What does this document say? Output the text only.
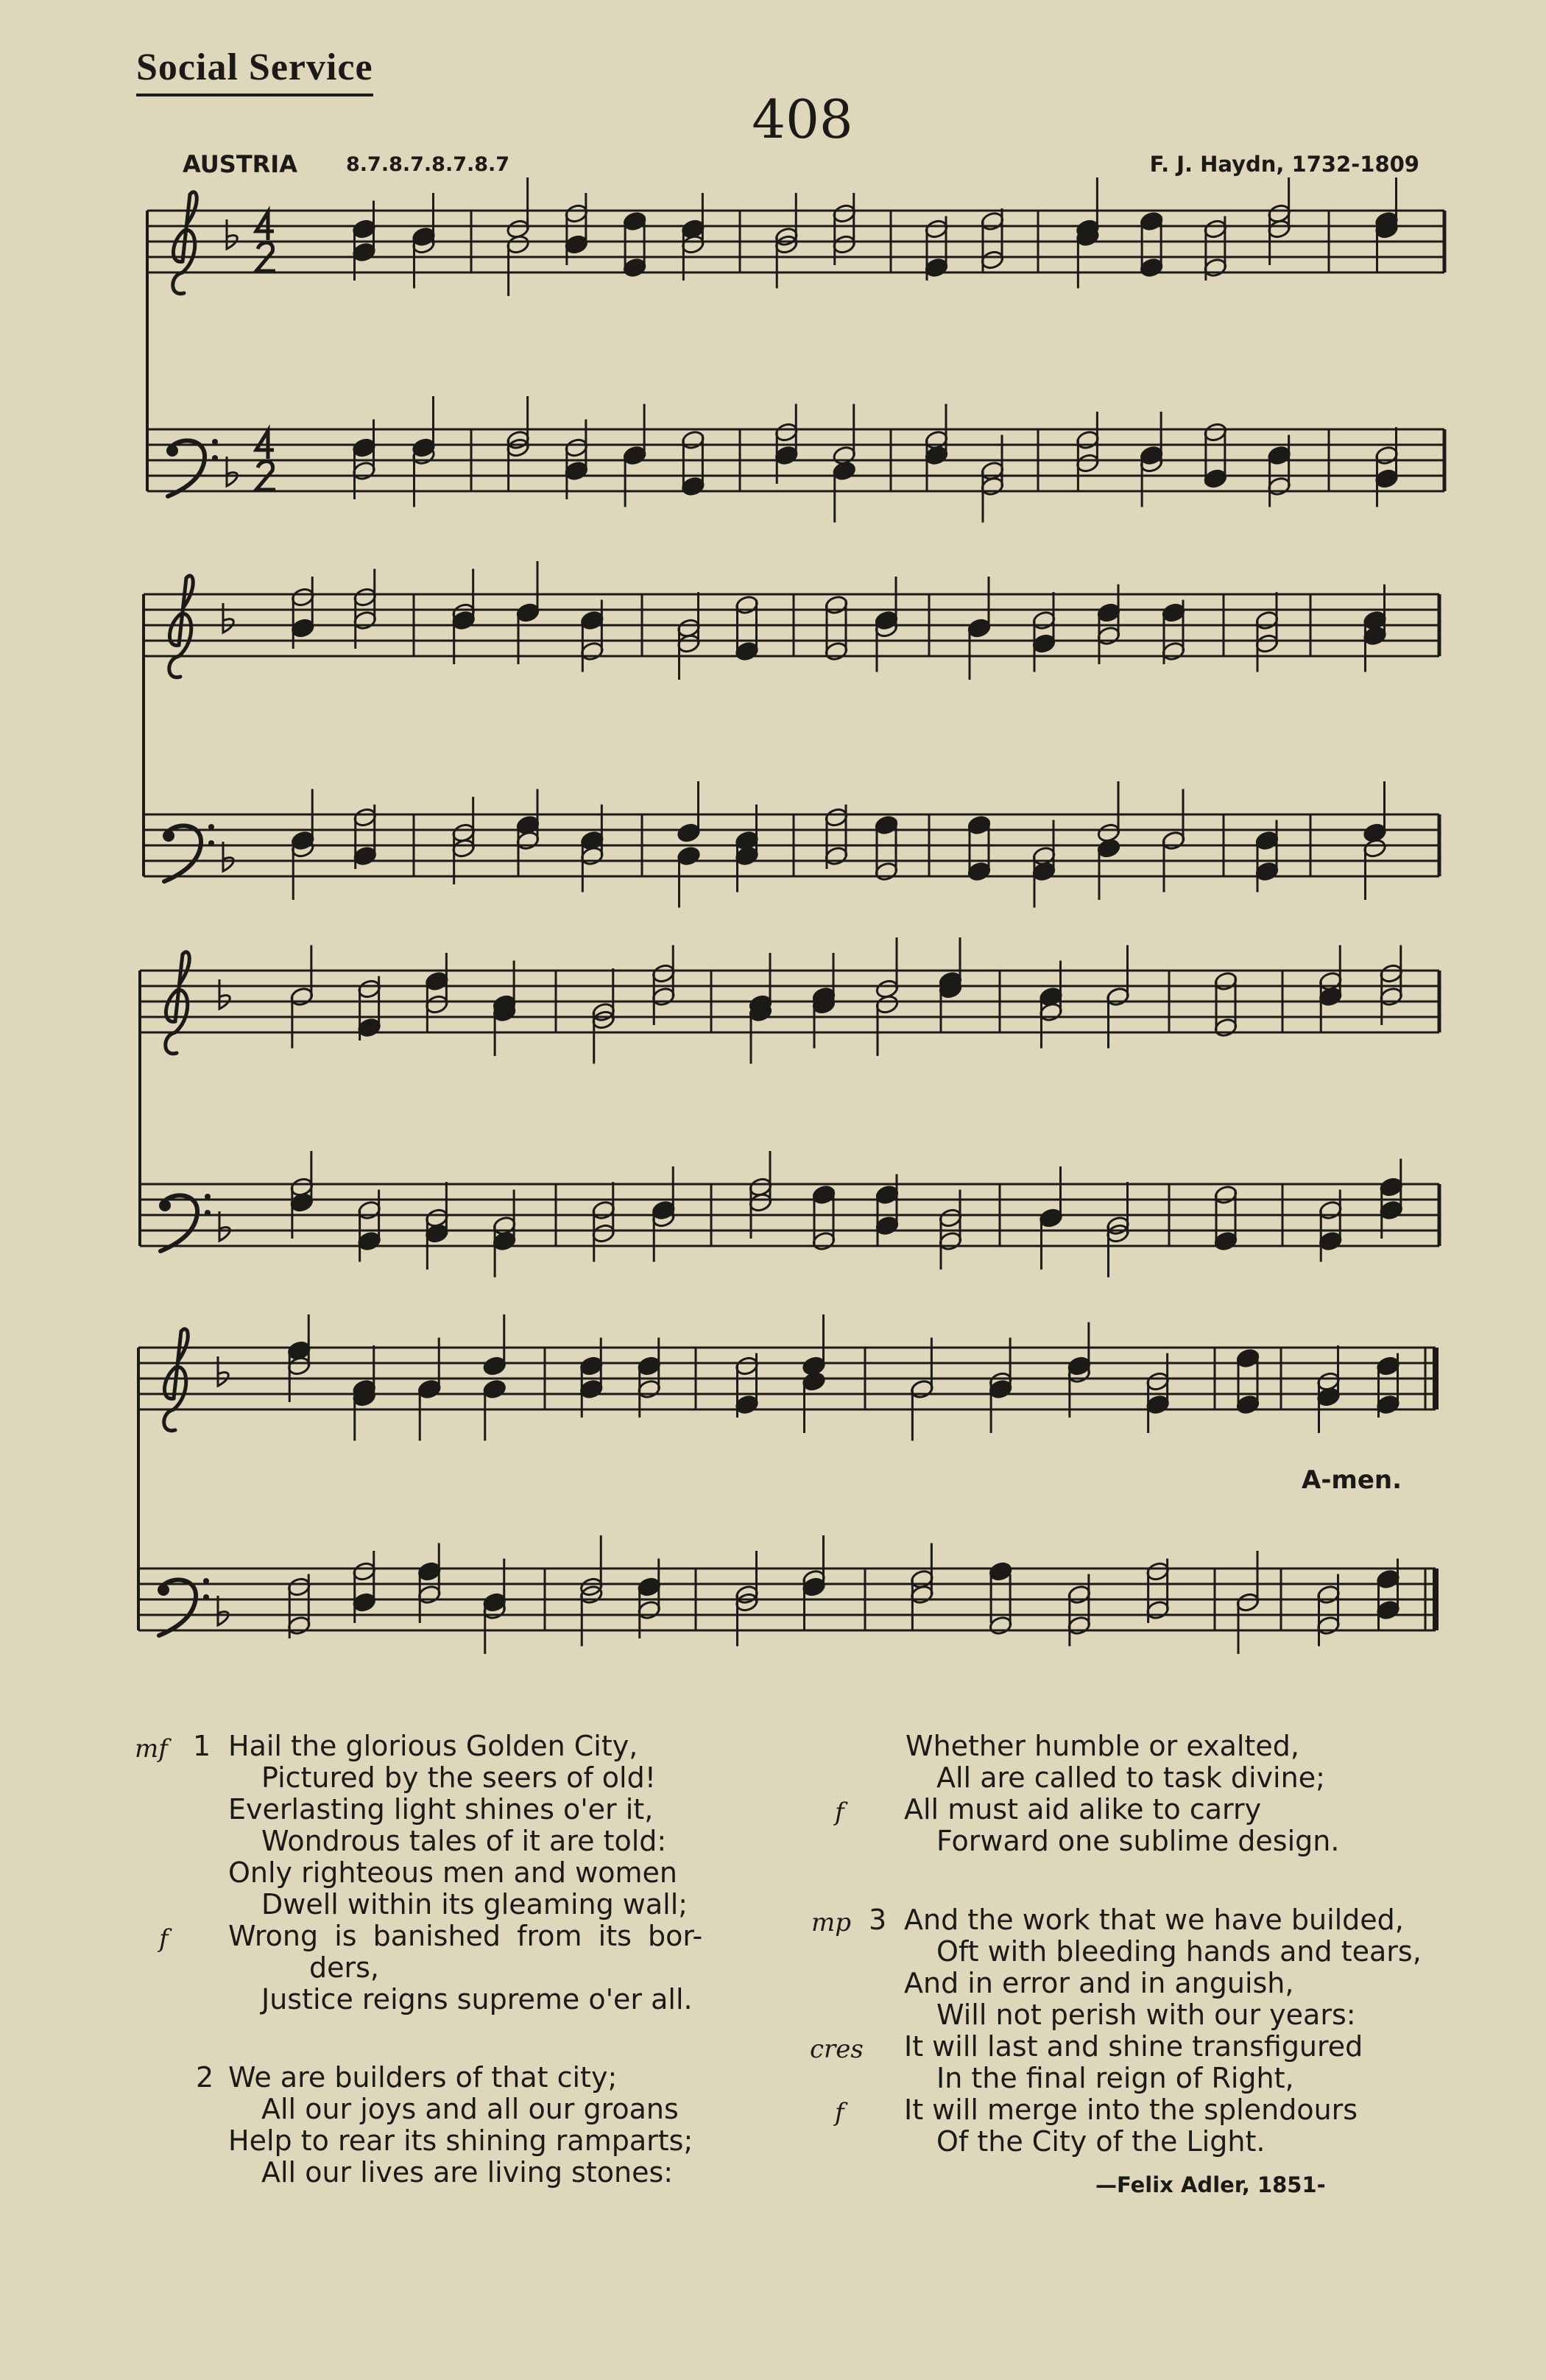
Social Service
408
AUSTRIA 8.7.8.7.8.7.8.7	F. J. Haydn, 1732-1809
A-men.
mf 1 Hail the glorious Golden City,
Pictured by the seers of old!
Everlasting light shines o'er it,
Wondrous tales of it are told:
Only righteous men and women
Dwell within its gleaming wall;
f Wrong is banished from its bor-
ders,
Justice reigns supreme o'er all.
2 We are builders of that city;
All our joys and all our groans
Help to rear its shining ramparts;
All our lives are living stones:
Whether humble or exalted,
All are called to task divine;
f All must aid alike to carry
Forward one sublime design.
mp 3 And the work that we have builded,
Oft with bleeding hands and tears,
And in error and in anguish,
Will not perish with our years:
cres It will last and shine transfigured
In the final reign of Right,
f It will merge into the splendours
Of the City of the Light.
—Felix Adler, 1851-
